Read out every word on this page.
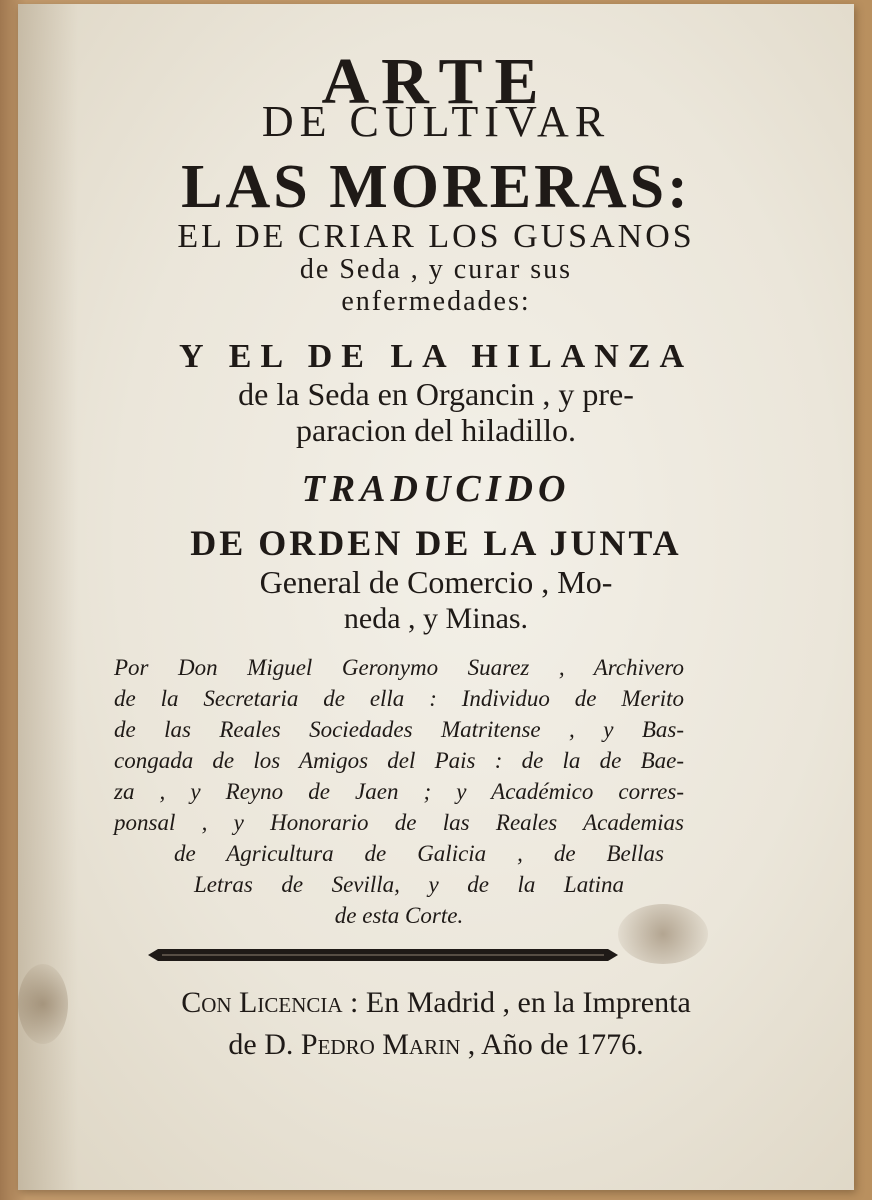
ARTE
DE CULTIVAR
LAS MORERAS:
EL DE CRIAR LOS GUSANOS
de Seda , y curar sus
enfermedades:
Y EL DE LA HILANZA
de la Seda en Organcin , y pre-
paracion del hiladillo.
TRADUCIDO
DE ORDEN DE LA JUNTA
General de Comercio , Mo-
neda , y Minas.
Por Don Miguel Geronymo Suarez , Archivero
de la Secretaria de ella : Individuo de Merito
de las Reales Sociedades Matritense , y Bas-
congada de los Amigos del Pais : de la de Bae-
za , y Reyno de Jaen ; y Académico corres-
ponsal , y Honorario de las Reales Academias
de Agricultura de Galicia , de Bellas
Letras de Sevilla, y de la Latina
de esta Corte.
Con Licencia : En Madrid , en la Imprenta
de D. Pedro Marin , Año de 1776.
